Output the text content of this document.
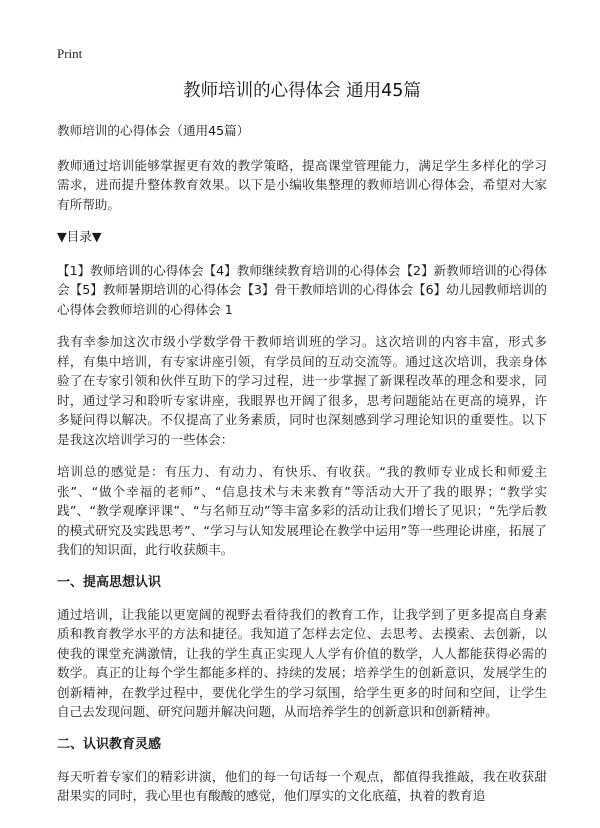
Print
教师培训的心得体会 通用45篇

教师培训的心得体会（通用45篇）

教师通过培训能够掌握更有效的教学策略，提高课堂管理能力，满足学生多样化的学习需求，进而提升整体教育效果。以下是小编收集整理的教师培训心得体会，希望对大家有所帮助。

▼目录▼

【1】教师培训的心得体会【4】教师继续教育培训的心得体会【2】新教师培训的心得体会【5】教师暑期培训的心得体会【3】骨干教师培训的心得体会【6】幼儿园教师培训的心得体会教师培训的心得体会 1

我有幸参加这次市级小学数学骨干教师培训班的学习。这次培训的内容丰富，形式多样，有集中培训，有专家讲座引领，有学员间的互动交流等。通过这次培训，我亲身体验了在专家引领和伙伴互助下的学习过程，进一步掌握了新课程改革的理念和要求，同时，通过学习和聆听专家讲座，我眼界也开阔了很多，思考问题能站在更高的境界，许多疑问得以解决。不仅提高了业务素质，同时也深刻感到学习理论知识的重要性。以下是我这次培训学习的一些体会：

培训总的感觉是：有压力、有动力、有快乐、有收获。“我的教师专业成长和师爱主张”、“做个幸福的老师”、“信息技术与未来教育”等活动大开了我的眼界；“教学实践”、“教学观摩评课”、“与名师互动”等丰富多彩的活动让我们增长了见识；“先学后教的模式研究及实践思考”、“学习与认知发展理论在教学中运用”等一些理论讲座，拓展了我们的知识面，此行收获颇丰。

一、提高思想认识

通过培训，让我能以更宽阔的视野去看待我们的教育工作，让我学到了更多提高自身素质和教育教学水平的方法和捷径。我知道了怎样去定位、去思考、去摸索、去创新，以使我的课堂充满激情，让我的学生真正实现人人学有价值的数学，人人都能获得必需的数学。真正的让每个学生都能多样的、持续的发展；培养学生的创新意识，发展学生的创新精神，在教学过程中，要优化学生的学习氛围，给学生更多的时间和空间，让学生自己去发现问题、研究问题并解决问题，从而培养学生的创新意识和创新精神。

二、认识教育灵感

每天听着专家们的精彩讲演，他们的每一句话每一个观点，都值得我推敲，我在收获甜甜果实的同时，我心里也有酸酸的感觉，他们厚实的文化底蕴，执着的教育追
